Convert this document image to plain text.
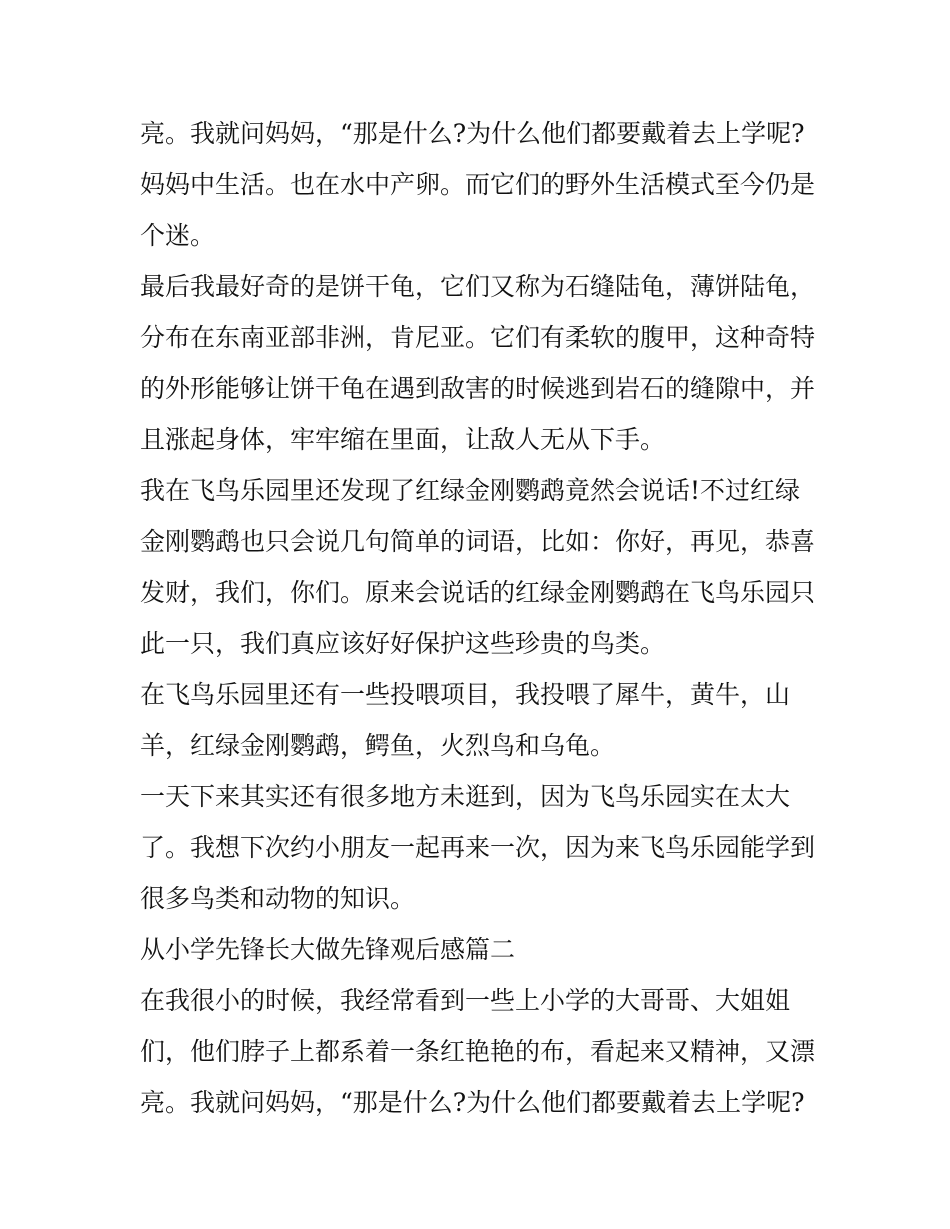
亮。我就问妈妈，“那是什么?为什么他们都要戴着去上学呢?
妈妈中生活。也在水中产卵。而它们的野外生活模式至今仍是
个迷。
最后我最好奇的是饼干龟，它们又称为石缝陆龟，薄饼陆龟，
分布在东南亚部非洲，肯尼亚。它们有柔软的腹甲，这种奇特
的外形能够让饼干龟在遇到敌害的时候逃到岩石的缝隙中，并
且涨起身体，牢牢缩在里面，让敌人无从下手。
我在飞鸟乐园里还发现了红绿金刚鹦鹉竟然会说话!不过红绿
金刚鹦鹉也只会说几句简单的词语，比如：你好，再见，恭喜
发财，我们，你们。原来会说话的红绿金刚鹦鹉在飞鸟乐园只
此一只，我们真应该好好保护这些珍贵的鸟类。
在飞鸟乐园里还有一些投喂项目，我投喂了犀牛，黄牛，山
羊，红绿金刚鹦鹉，鳄鱼，火烈鸟和乌龟。
一天下来其实还有很多地方未逛到，因为飞鸟乐园实在太大
了。我想下次约小朋友一起再来一次，因为来飞鸟乐园能学到
很多鸟类和动物的知识。
从小学先锋长大做先锋观后感篇二
在我很小的时候，我经常看到一些上小学的大哥哥、大姐姐
们，他们脖子上都系着一条红艳艳的布，看起来又精神，又漂
亮。我就问妈妈，“那是什么?为什么他们都要戴着去上学呢?
